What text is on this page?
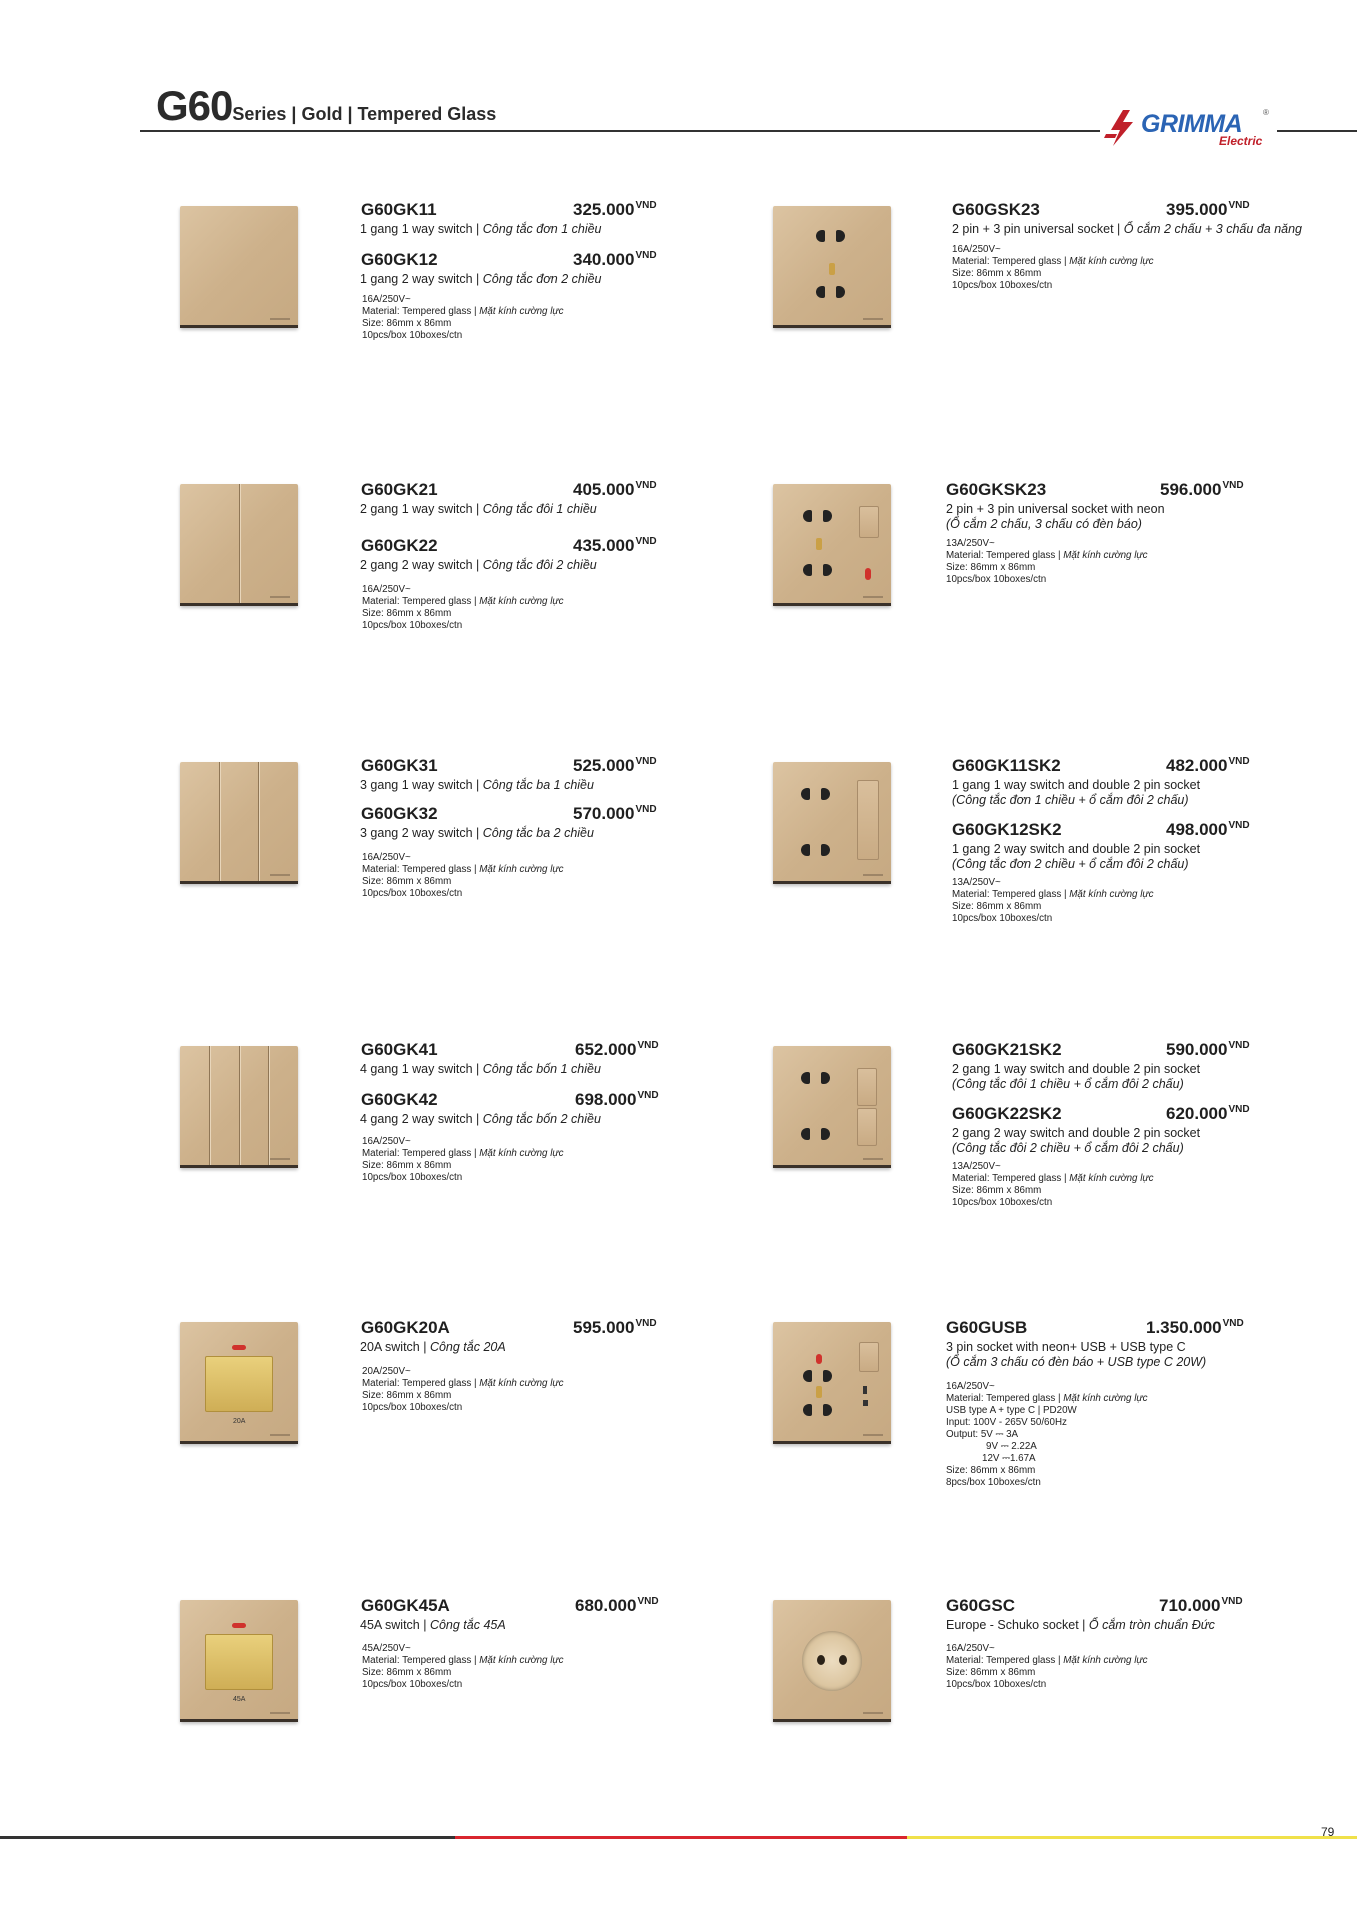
G60Series | Gold | Tempered Glass	GRIMMA	®
Electric
G60GK11	$325.000^{VND}$
1 gang 1 way switch | Công tắc đơn 1 chiều
G60GK12	$340.000^{VND}$
1 gang 2 way switch | Công tắc đơn 2 chiều
16A/250V~
Material: Tempered glass | Mặt kính cường lực
Size: 86mm x 86mm
10pcs/box 10boxes/ctn
G60GSK23	$395.000^{VND}$
2 pin + 3 pin universal socket | Ổ cắm 2 chấu + 3 chấu đa năng
16A/250V~
Material: Tempered glass | Mặt kính cường lực
Size: 86mm x 86mm
10pcs/box 10boxes/ctn
G60GK21	$405.000^{VND}$
2 gang 1 way switch | Công tắc đôi 1 chiều
G60GK22	$435.000^{VND}$
2 gang 2 way switch | Công tắc đôi 2 chiều
16A/250V~
Material: Tempered glass | Mặt kính cường lực
Size: 86mm x 86mm
10pcs/box 10boxes/ctn
G60GKSK23	$596.000^{VND}$
2 pin + 3 pin universal socket with neon
(Ổ cắm 2 chấu, 3 chấu có đèn báo)
13A/250V~
Material: Tempered glass | Mặt kính cường lực
Size: 86mm x 86mm
10pcs/box 10boxes/ctn
G60GK31	$525.000^{VND}$
3 gang 1 way switch | Công tắc ba 1 chiều
G60GK32	$570.000^{VND}$
3 gang 2 way switch | Công tắc ba 2 chiều
16A/250V~
Material: Tempered glass | Mặt kính cường lực
Size: 86mm x 86mm
10pcs/box 10boxes/ctn
G60GK11SK2	$482.000^{VND}$
1 gang 1 way switch and double 2 pin socket
(Công tắc đơn 1 chiều + ổ cắm đôi 2 chấu)
G60GK12SK2	$498.000^{VND}$
1 gang 2 way switch and double 2 pin socket
(Công tắc đơn 2 chiều + ổ cắm đôi 2 chấu)
13A/250V~
Material: Tempered glass | Mặt kính cường lực
Size: 86mm x 86mm
10pcs/box 10boxes/ctn
G60GK41	$652.000^{VND}$
4 gang 1 way switch | Công tắc bốn 1 chiều
G60GK42	$698.000^{VND}$
4 gang 2 way switch | Công tắc bốn 2 chiều
16A/250V~
Material: Tempered glass | Mặt kính cường lực
Size: 86mm x 86mm
10pcs/box 10boxes/ctn
G60GK21SK2	$590.000^{VND}$
2 gang 1 way switch and double 2 pin socket
(Công tắc đôi 1 chiều + ổ cắm đôi 2 chấu)
G60GK22SK2	$620.000^{VND}$
2 gang 2 way switch and double 2 pin socket
(Công tắc đôi 2 chiều + ổ cắm đôi 2 chấu)
13A/250V~
Material: Tempered glass | Mặt kính cường lực
Size: 86mm x 86mm
10pcs/box 10boxes/ctn
20A
G60GK20A	$595.000^{VND}$
20A switch | Công tắc 20A
20A/250V~
Material: Tempered glass | Mặt kính cường lực
Size: 86mm x 86mm
10pcs/box 10boxes/ctn
G60GUSB	$1.350.000^{VND}$
3 pin socket with neon+ USB + USB type C
(Ổ cắm 3 chấu có đèn báo + USB type C 20W)
16A/250V~
Material: Tempered glass | Mặt kính cường lực
USB type A + type C | PD20W
Input: 100V - 265V 50/60Hz
Output: 5V ⎓ 3A
9V ⎓ 2.22A
12V ⎓1.67A
Size: 86mm x 86mm
8pcs/box 10boxes/ctn
45A
G60GK45A	$680.000^{VND}$
45A switch | Công tắc 45A
45A/250V~
Material: Tempered glass | Mặt kính cường lực
Size: 86mm x 86mm
10pcs/box 10boxes/ctn
G60GSC	$710.000^{VND}$
Europe - Schuko socket | Ổ cắm tròn chuẩn Đức
16A/250V~
Material: Tempered glass | Mặt kính cường lực
Size: 86mm x 86mm
10pcs/box 10boxes/ctn
79
